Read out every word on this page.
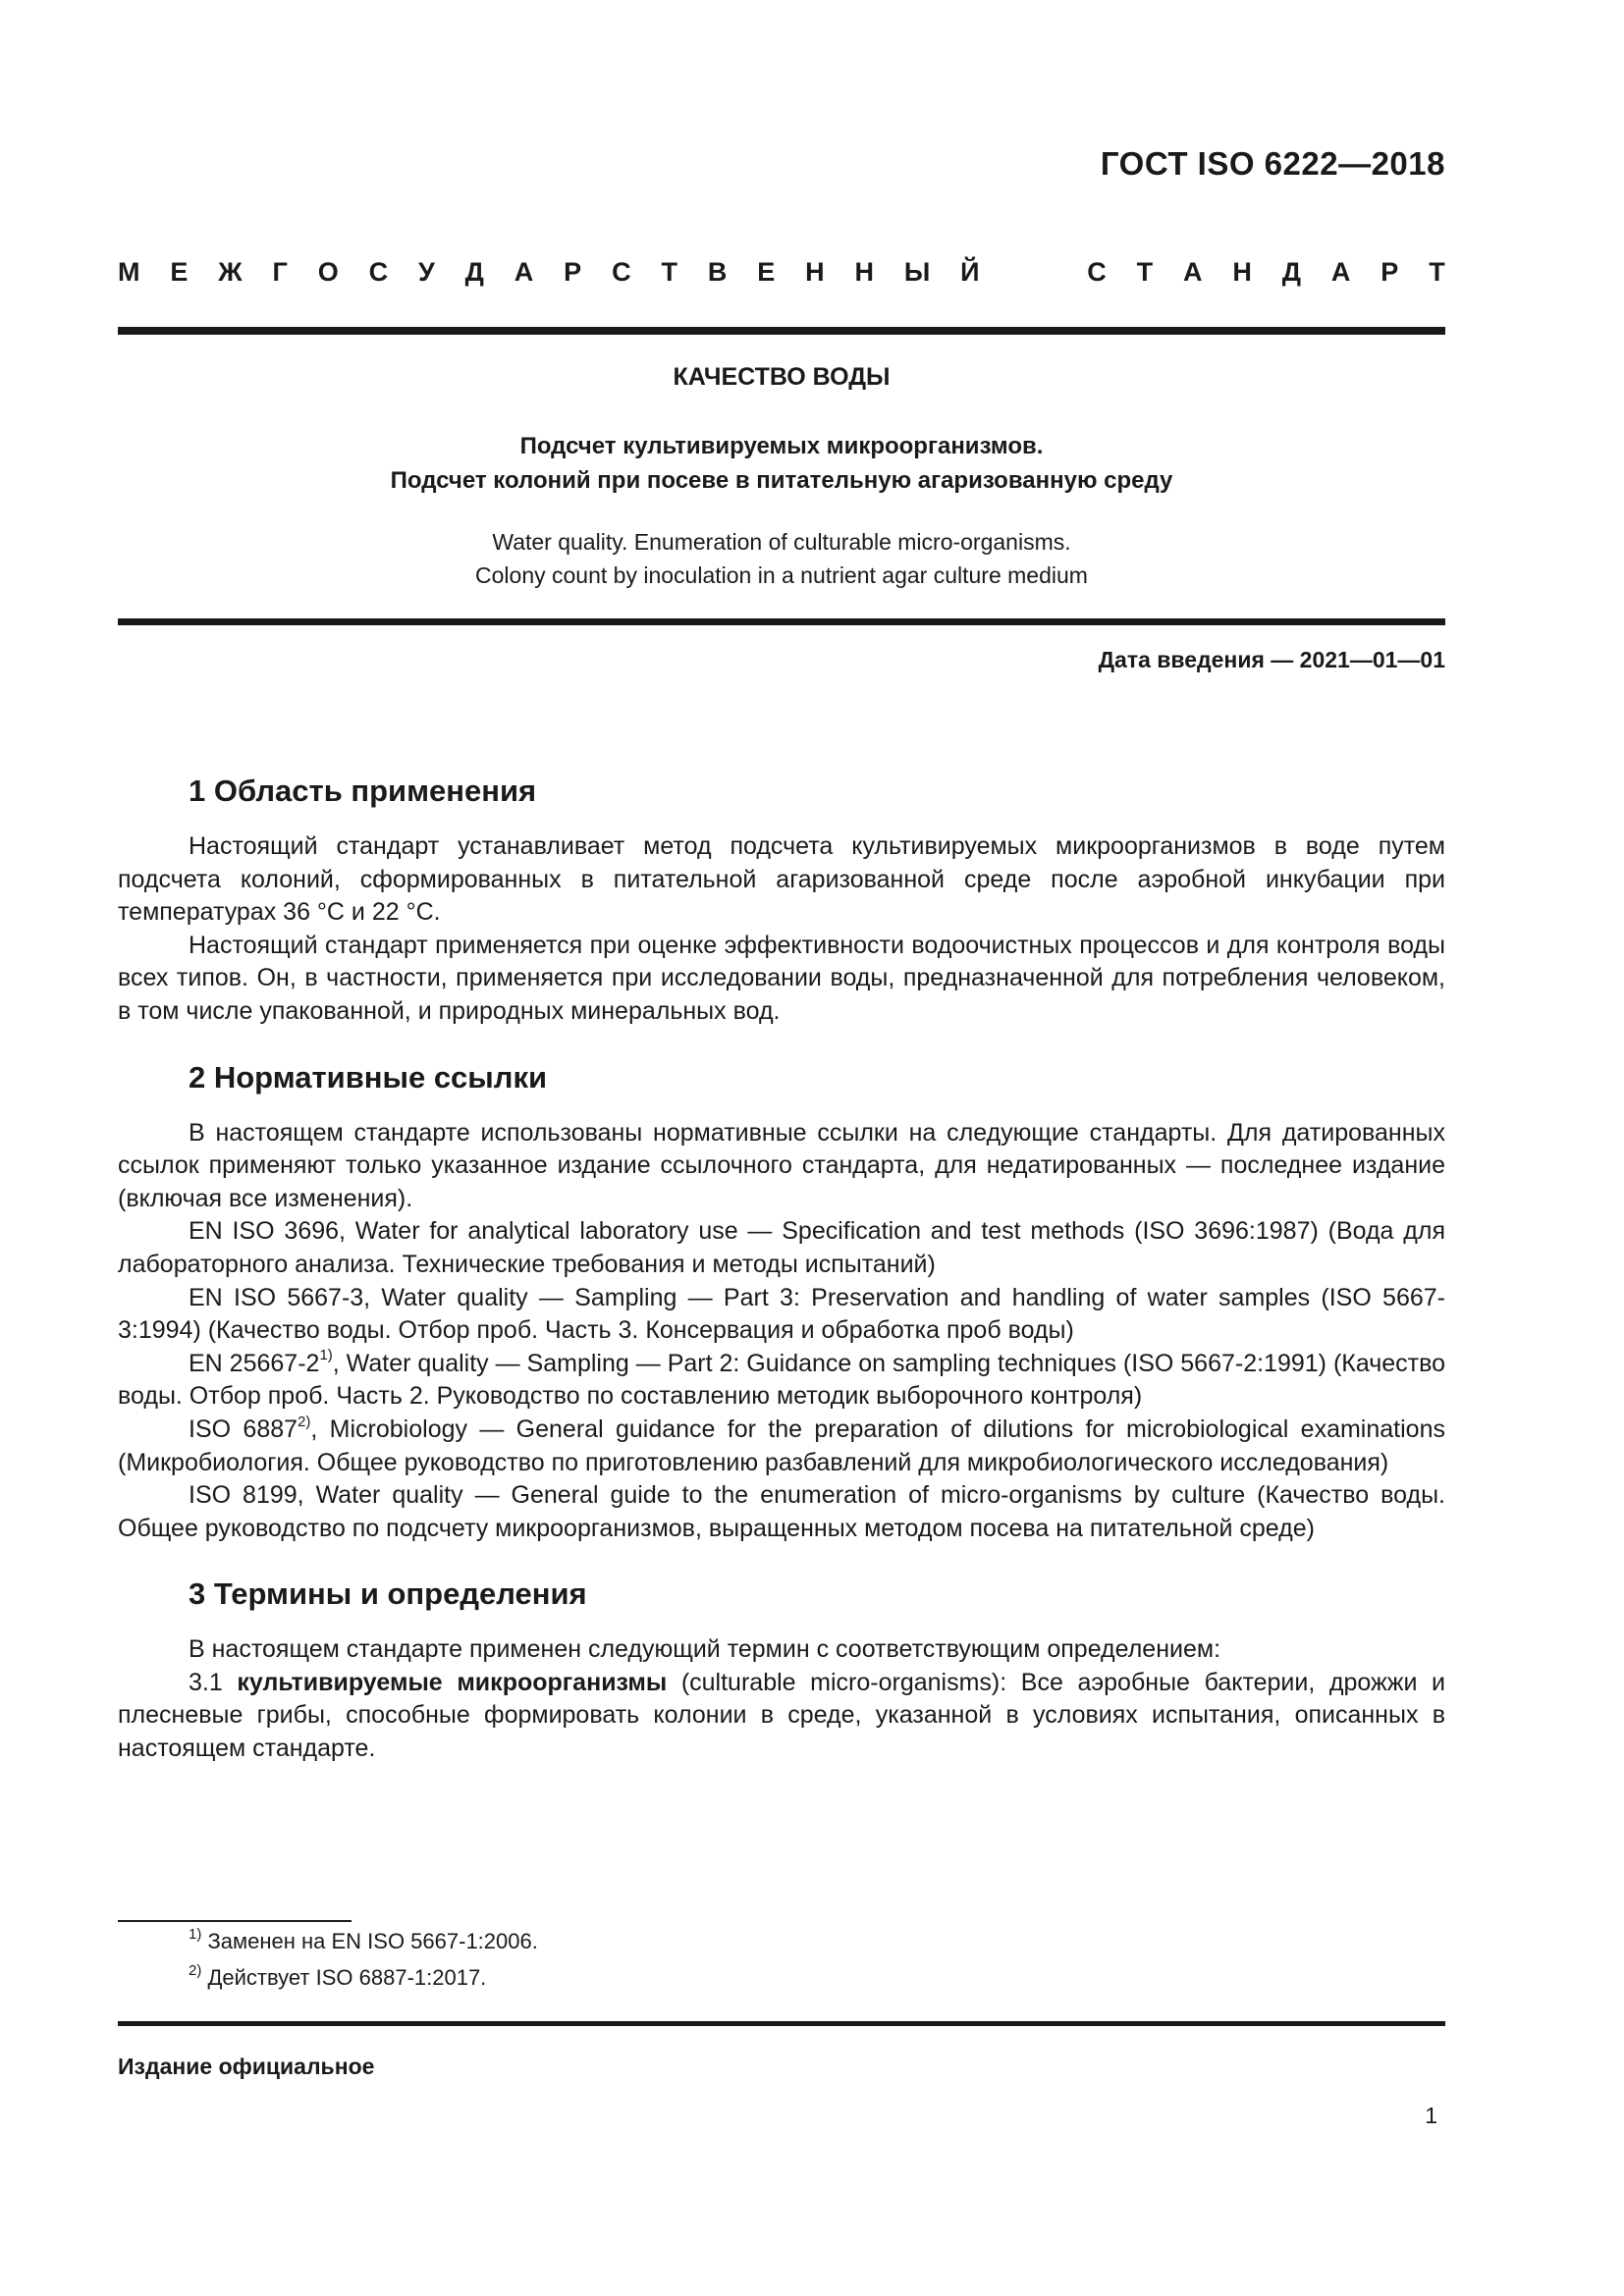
ГОСТ ISO 6222—2018
М Е Ж Г О С У Д А Р С Т В Е Н Н Ы Й	С Т А Н Д А Р Т
КАЧЕСТВО ВОДЫ
Подсчет культивируемых микроорганизмов.
Подсчет колоний при посеве в питательную агаризованную среду
Water quality. Enumeration of culturable micro-organisms.
Colony count by inoculation in a nutrient agar culture medium
Дата введения — 2021—01—01
1 Область применения

Настоящий стандарт устанавливает метод подсчета культивируемых микроорганизмов в воде путем подсчета колоний, сформированных в питательной агаризованной среде после аэробной инкубации при температурах 36 °С и 22 °С.

Настоящий стандарт применяется при оценке эффективности водоочистных процессов и для контроля воды всех типов. Он, в частности, применяется при исследовании воды, предназначенной для потребления человеком, в том числе упакованной, и природных минеральных вод.

2 Нормативные ссылки

В настоящем стандарте использованы нормативные ссылки на следующие стандарты. Для датированных ссылок применяют только указанное издание ссылочного стандарта, для недатированных — последнее издание (включая все изменения).

EN ISO 3696, Water for analytical laboratory use — Specification and test methods (ISO 3696:1987) (Вода для лабораторного анализа. Технические требования и методы испытаний)

EN ISO 5667-3, Water quality — Sampling — Part 3: Preservation and handling of water samples (ISO 5667-3:1994) (Качество воды. Отбор проб. Часть 3. Консервация и обработка проб воды)

EN 25667-2$^{1)}$, Water quality — Sampling — Part 2: Guidance on sampling techniques (ISO 5667-2:1991) (Качество воды. Отбор проб. Часть 2. Руководство по составлению методик выборочного контроля)

ISO 6887$^{2)}$, Microbiology — General guidance for the preparation of dilutions for microbiological examinations (Микробиология. Общее руководство по приготовлению разбавлений для микробиологического исследования)

ISO 8199, Water quality — General guide to the enumeration of micro-organisms by culture (Качество воды. Общее руководство по подсчету микроорганизмов, выращенных методом посева на питательной среде)

3 Термины и определения

В настоящем стандарте применен следующий термин с соответствующим определением:

3.1 культивируемые микроорганизмы (culturable micro-organisms): Все аэробные бактерии, дрожжи и плесневые грибы, способные формировать колонии в среде, указанной в условиях испытания, описанных в настоящем стандарте.

$^{1)}$ Заменен на EN ISO 5667-1:2006.
$^{2)}$ Действует ISO 6887-1:2017.
Издание официальное
1
